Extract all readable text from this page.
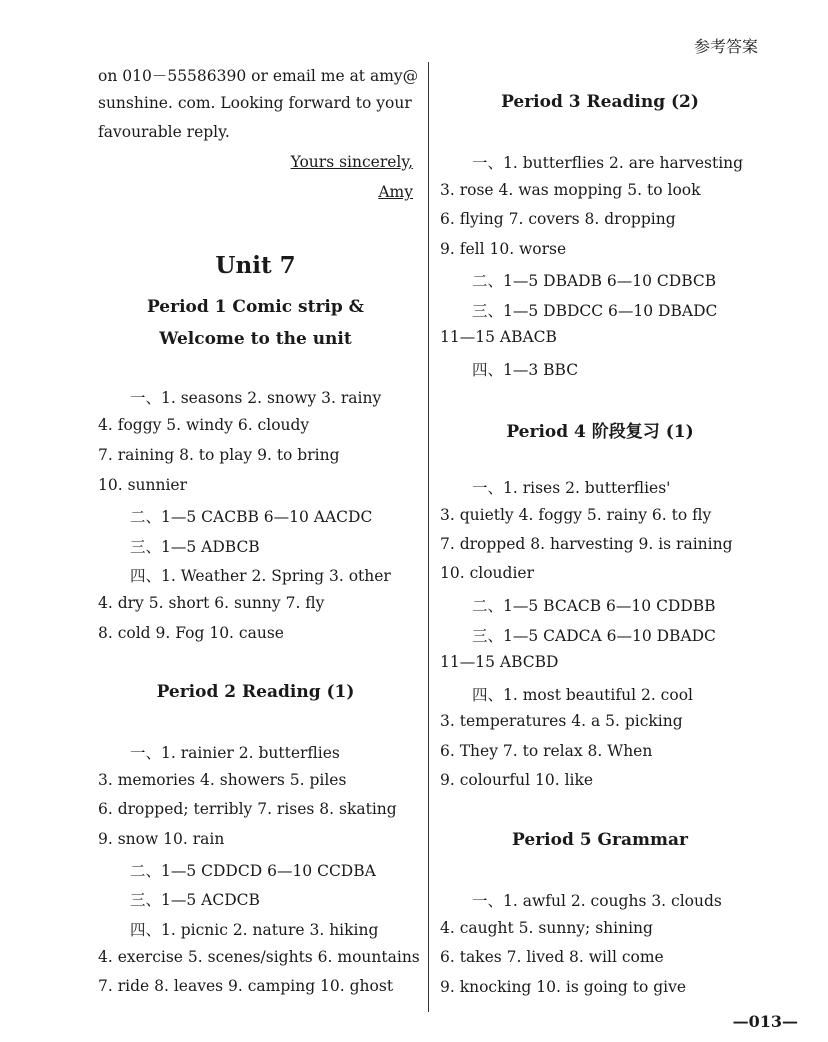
参考答案
on 010－55586390 or email me at amy@
sunshine. com. Looking forward to your
favourable reply.
Yours sincerely,
Amy
Unit 7
Period 1 Comic strip &
Welcome to the unit
一、1. seasons 2. snowy 3. rainy
4. foggy 5. windy 6. cloudy
7. raining 8. to play 9. to bring
10. sunnier
二、1—5 CACBB 6—10 AACDC
三、1—5 ADBCB
四、1. Weather 2. Spring 3. other
4. dry 5. short 6. sunny 7. fly
8. cold 9. Fog 10. cause
Period 2 Reading (1)
一、1. rainier 2. butterflies
3. memories 4. showers 5. piles
6. dropped; terribly 7. rises 8. skating
9. snow 10. rain
二、1—5 CDDCD 6—10 CCDBA
三、1—5 ACDCB
四、1. picnic 2. nature 3. hiking
4. exercise 5. scenes/sights 6. mountains
7. ride 8. leaves 9. camping 10. ghost
Period 3 Reading (2)
一、1. butterflies 2. are harvesting
3. rose 4. was mopping 5. to look
6. flying 7. covers 8. dropping
9. fell 10. worse
二、1—5 DBADB 6—10 CDBCB
三、1—5 DBDCC 6—10 DBADC
11—15 ABACB
四、1—3 BBC
Period 4 阶段复习 (1)
一、1. rises 2. butterflies'
3. quietly 4. foggy 5. rainy 6. to fly
7. dropped 8. harvesting 9. is raining
10. cloudier
二、1—5 BCACB 6—10 CDDBB
三、1—5 CADCA 6—10 DBADC
11—15 ABCBD
四、1. most beautiful 2. cool
3. temperatures 4. a 5. picking
6. They 7. to relax 8. When
9. colourful 10. like
Period 5 Grammar
一、1. awful 2. coughs 3. clouds
4. caught 5. sunny; shining
6. takes 7. lived 8. will come
9. knocking 10. is going to give
—013—
